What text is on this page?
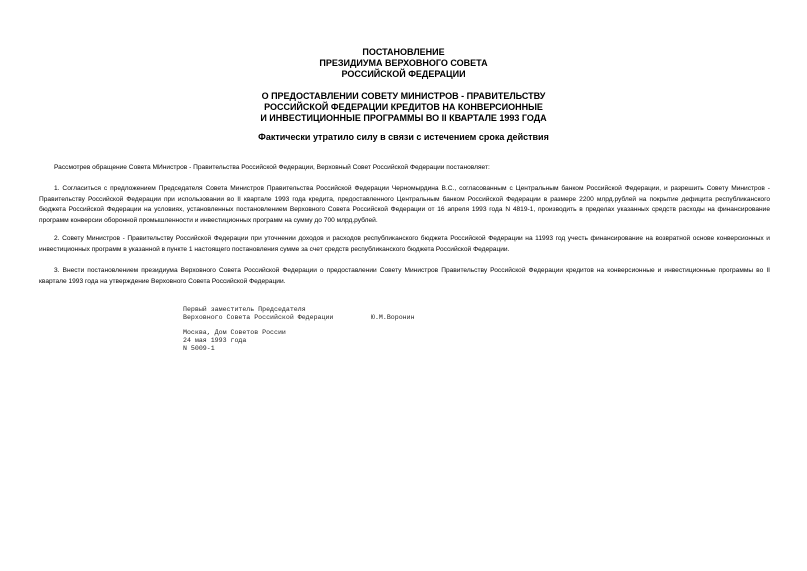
ПОСТАНОВЛЕНИЕ
ПРЕЗИДИУМА ВЕРХОВНОГО СОВЕТА
РОССИЙСКОЙ ФЕДЕРАЦИИ
О ПРЕДОСТАВЛЕНИИ СОВЕТУ МИНИСТРОВ - ПРАВИТЕЛЬСТВУ
РОССИЙСКОЙ ФЕДЕРАЦИИ КРЕДИТОВ НА КОНВЕРСИОННЫЕ
И ИНВЕСТИЦИОННЫЕ ПРОГРАММЫ ВО II КВАРТАЛЕ 1993 ГОДА
Фактически утратило силу в связи с истечением срока действия

Рассмотрев обращение Совета МИнистров - Правительства Российской Федерации, Верховный Совет Российской Федерации постановляет:

1. Согласиться с предложением Председателя Совета Министров Правительства Российской Федерации Черномырдина В.С., согласованным с Центральным банком Российской Федерации, и разрешить Совету Министров - Правительству Российской Федерации при использовании во II квартале 1993 года кредита, предоставленного Центральным банком Российской Федерации в размере 2200 млрд.рублей на покрытие дефицита республиканского бюджета Российской Федерации на условиях, установленных постановлением Верховного Совета Российской Федерации от 16 апреля 1993 года N 4819-1, производить в пределах указанных средств расходы на финансирование программ конверсии оборонной промышленности и инвестиционных программ на сумму до 700 млрд.рублей.

2. Совету Министров - Правительству Российской Федерации при уточнении доходов и расходов республиканского бюджета Российской Федерации на 11993 год учесть финансирование на возвратной основе конверсионных и инвестиционных программ в указанной в пункте 1 настоящего постановления сумме за счет средств республиканского бюджета Российской Федерации.

3. Внести постановлением президиума Верховного Совета Российской Федерации о предоставлении Совету Министров Правительству Российской Федерации кредитов на конверсионные и инвестиционные программы во II квартале 1993 года на утверждение Верховного Совета Российской Федерации.

Первый заместитель Председателя
Верховного Совета Российской Федерации	Ю.М.Воронин
Москва, Дом Советов России
24 мая 1993 года
N 5009-1
